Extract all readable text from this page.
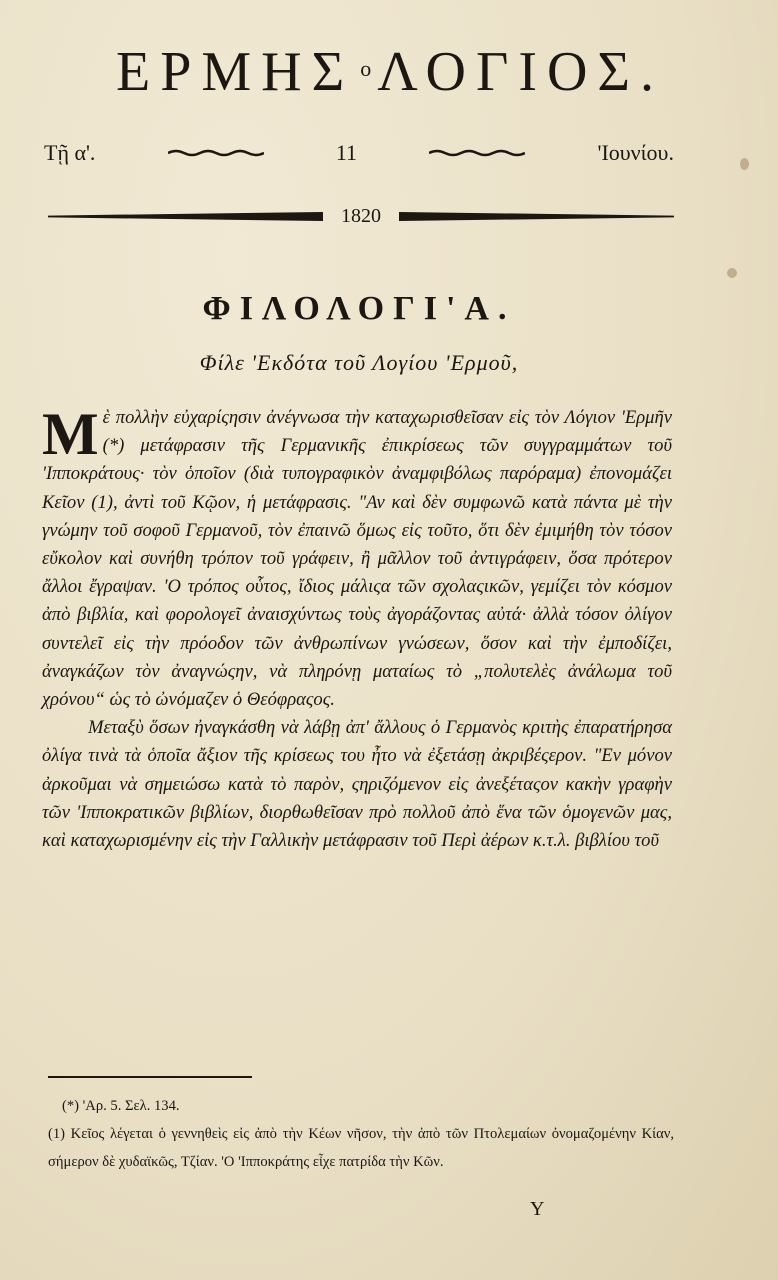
ΕΡΜΗΣ $^o$ ΛΟΓΙΟΣ.
Τῇ α'.	11	'Ιουνίου.
1820
ΦΙΛΟΛΟΓΙ'Α.
Φίλε 'Εκδότα τοῦ Λογίου 'Ερμοῦ,

Μὲ πολλὴν εὐχαρίςησιν ἀνέγνωσα τὴν καταχωρισθεῖσαν εἰς τὸν Λόγιον 'Ερμῆν (*) μετάφρασιν τῆς Γερμανικῆς ἐπικρίσεως τῶν συγγραμμάτων τοῦ 'Ιπποκράτους· τὸν ὁποῖον (διὰ τυπογραφικὸν ἀναμφιβόλως παρόραμα) ἐπονομάζει Κεῖον (1), ἀντὶ τοῦ Κῷον, ἡ μετάφρασις. "Αν καὶ δὲν συμφωνῶ κατὰ πάντα μὲ τὴν γνώμην τοῦ σοφοῦ Γερμανοῦ, τὸν ἐπαινῶ ὅμως εἰς τοῦτο, ὅτι δὲν ἐμιμήθη τὸν τόσον εὔκολον καὶ συνήθη τρόπον τοῦ γράφειν, ἢ μᾶλλον τοῦ ἀντιγράφειν, ὅσα πρότερον ἄλλοι ἔγραψαν. 'Ο τρόπος οὗτος, ἴδιος μάλιςα τῶν σχολαςικῶν, γεμίζει τὸν κόσμον ἀπὸ βιβλία, καὶ φορολογεῖ ἀναισχύντως τοὺς ἀγοράζοντας αὐτά· ἀλλὰ τόσον ὀλίγον συντελεῖ εἰς τὴν πρόοδον τῶν ἀνθρωπίνων γνώσεων, ὅσον καὶ τὴν ἐμποδίζει, ἀναγκάζων τὸν ἀναγνώςην, νὰ πληρόνῃ ματαίως τὸ „πολυτελὲς ἀνάλωμα τοῦ χρόνου“ ὡς τὸ ὠνόμαζεν ὁ Θεόφραςος.

Μεταξὺ ὅσων ἠναγκάσθη νὰ λάβῃ ἀπ' ἄλλους ὁ Γερμανὸς κριτὴς ἐπαρατήρησα ὀλίγα τινὰ τὰ ὁποῖα ἄξιον τῆς κρίσεως του ἦτο νὰ ἐξετάσῃ ἀκριβέςερον. "Εν μόνον ἀρκοῦμαι νὰ σημειώσω κατὰ τὸ παρὸν, ςηριζόμενον εἰς ἀνεξέταςον κακὴν γραφὴν τῶν 'Ιπποκρατικῶν βιβλίων, διορθωθεῖσαν πρὸ πολλοῦ ἀπὸ ἕνα τῶν ὁμογενῶν μας, καὶ καταχωρισμένην εἰς τὴν Γαλλικὴν μετάφρασιν τοῦ Περὶ ἀέρων κ.τ.λ. βιβλίου τοῦ

(*) 'Αρ. 5. Σελ. 134.

(1) Κεῖος λέγεται ὁ γεννηθεὶς εἰς ἀπὸ τὴν Κέων νῆσον, τὴν ἀπὸ τῶν Πτολεμαίων ὀνομαζομένην Κίαν, σήμερον δὲ χυδαϊκῶς, Τζίαν. 'Ο 'Ιπποκράτης εἶχε πατρίδα τὴν Κῶν.

Υ
